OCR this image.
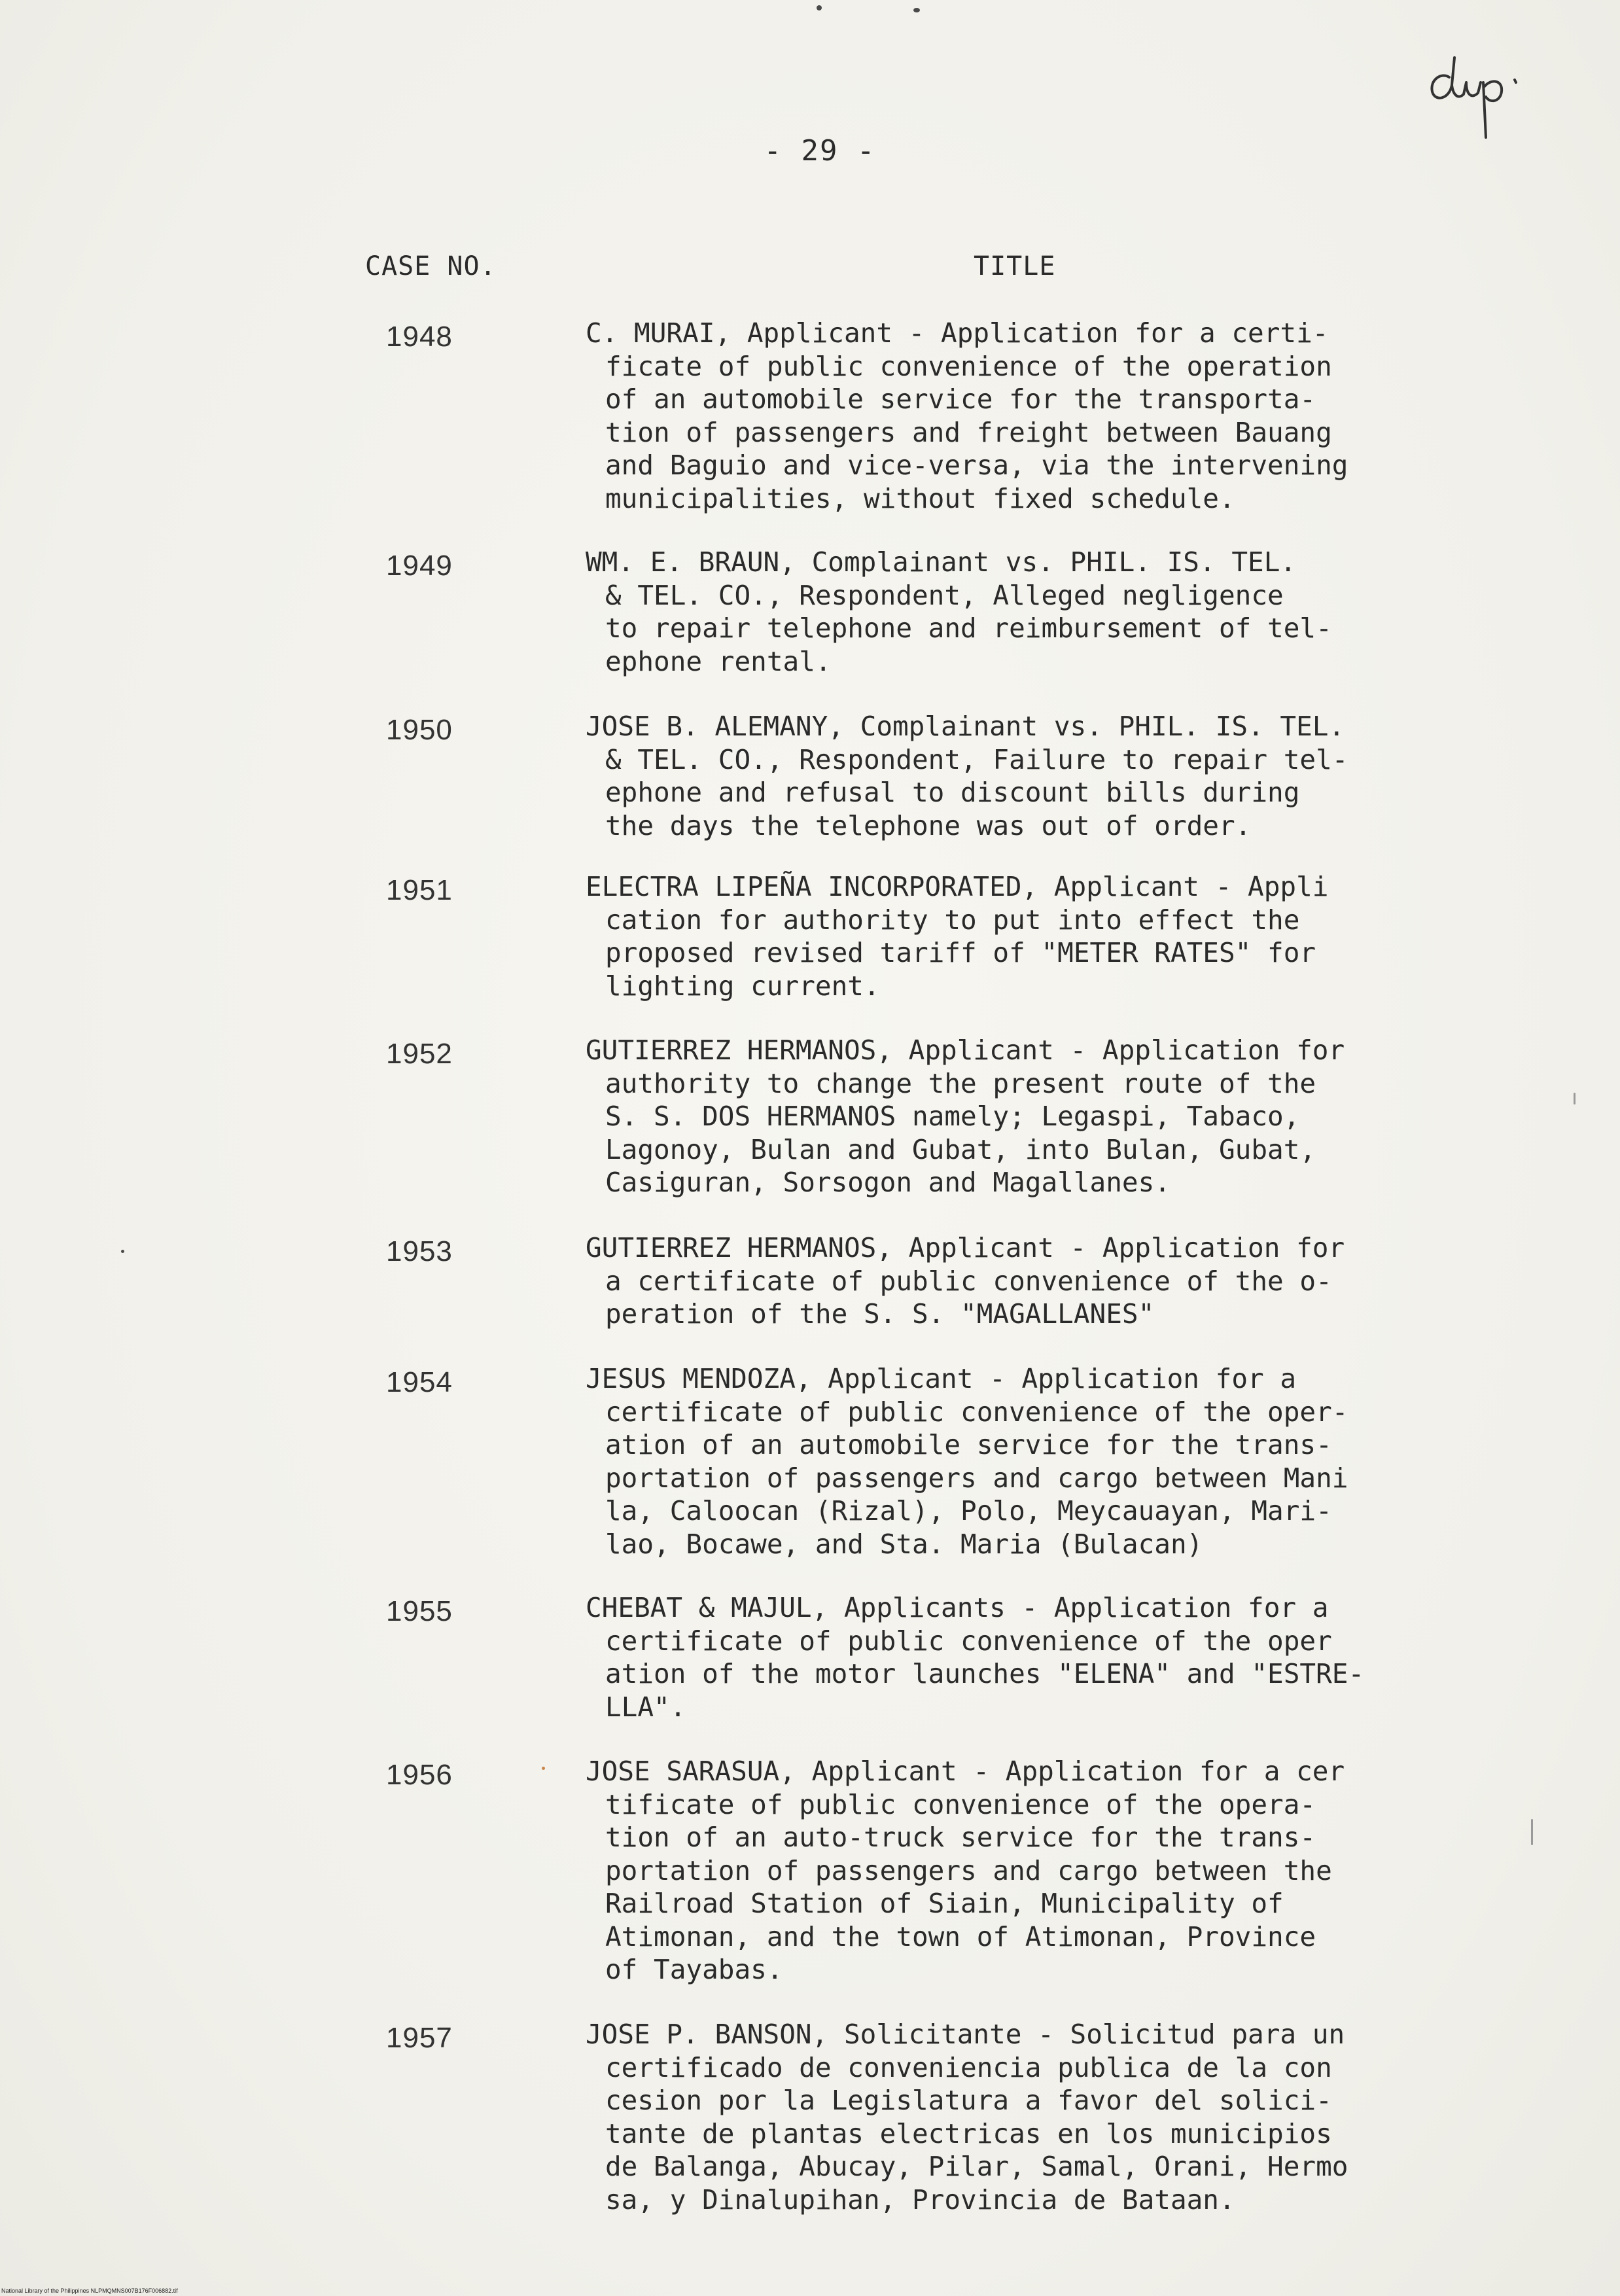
- 29 -
CASE NO.	TITLE
1948	C. MURAI, Applicant - Application for a certi-
ficate of public convenience of the operation
of an automobile service for the transporta-
tion of passengers and freight between Bauang
and Baguio and vice-versa, via the intervening
municipalities, without fixed schedule.
1949	WM. E. BRAUN, Complainant vs. PHIL. IS. TEL.
& TEL. CO., Respondent, Alleged negligence
to repair telephone and reimbursement of tel-
ephone rental.
1950	JOSE B. ALEMANY, Complainant vs. PHIL. IS. TEL.
& TEL. CO., Respondent, Failure to repair tel-
ephone and refusal to discount bills during
the days the telephone was out of order.
1951	ELECTRA LIPEÑA INCORPORATED, Applicant - Appli
cation for authority to put into effect the
proposed revised tariff of "METER RATES" for
lighting current.
1952	GUTIERREZ HERMANOS, Applicant - Application for
authority to change the present route of the
S. S. DOS HERMANOS namely; Legaspi, Tabaco,
Lagonoy, Bulan and Gubat, into Bulan, Gubat,
Casiguran, Sorsogon and Magallanes.
1953	GUTIERREZ HERMANOS, Applicant - Application for
a certificate of public convenience of the o-
peration of the S. S. "MAGALLANES"
1954	JESUS MENDOZA, Applicant - Application for a
certificate of public convenience of the oper-
ation of an automobile service for the trans-
portation of passengers and cargo between Mani
la, Caloocan (Rizal), Polo, Meycauayan, Mari-
lao, Bocawe, and Sta. Maria (Bulacan)
1955	CHEBAT & MAJUL, Applicants - Application for a
certificate of public convenience of the oper
ation of the motor launches "ELENA" and "ESTRE-
LLA".
1956	JOSE SARASUA, Applicant - Application for a cer
tificate of public convenience of the opera-
tion of an auto-truck service for the trans-
portation of passengers and cargo between the
Railroad Station of Siain, Municipality of
Atimonan, and the town of Atimonan, Province
of Tayabas.
1957	JOSE P. BANSON, Solicitante - Solicitud para un
certificado de conveniencia publica de la con
cesion por la Legislatura a favor del solici-
tante de plantas electricas en los municipios
de Balanga, Abucay, Pilar, Samal, Orani, Hermo
sa, y Dinalupihan, Provincia de Bataan.
National Library of the Philippines NLPMQMNS007B176F006882.tif
